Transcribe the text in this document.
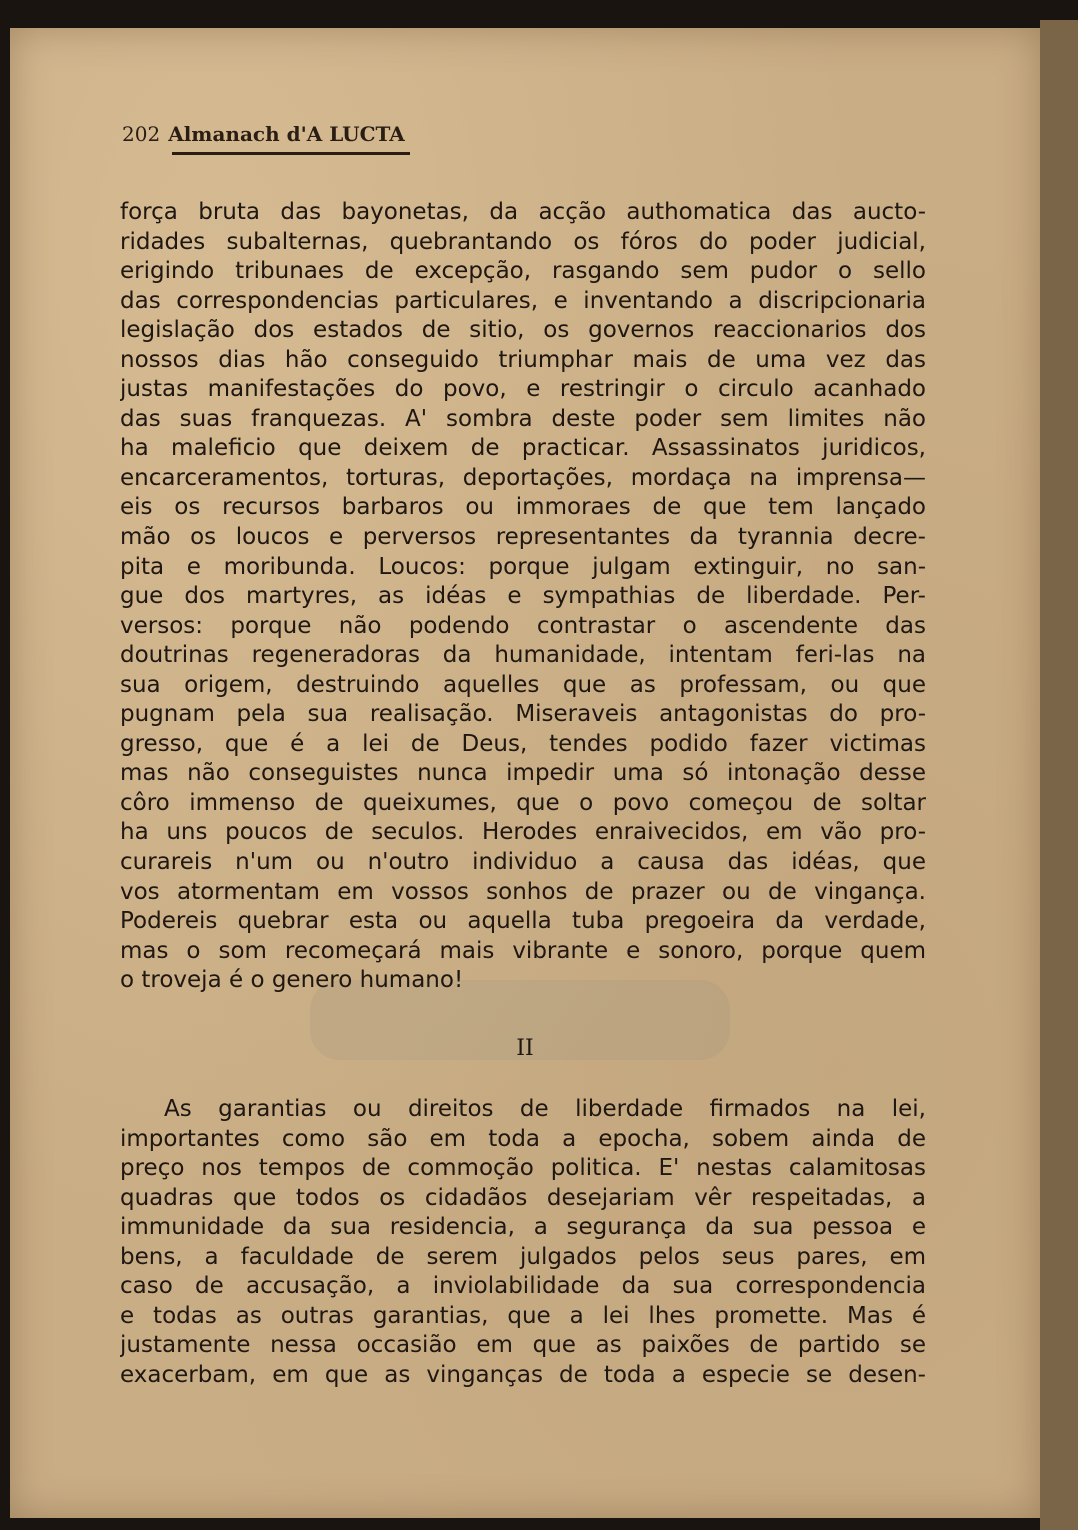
202 Almanach d'A LUCTA
força bruta das bayonetas, da acção authomatica das aucto-
ridades subalternas, quebrantando os fóros do poder judicial,
erigindo tribunaes de excepção, rasgando sem pudor o sello
das correspondencias particulares, e inventando a discripcionaria
legislação dos estados de sitio, os governos reaccionarios dos
nossos dias hão conseguido triumphar mais de uma vez das
justas manifestações do povo, e restringir o circulo acanhado
das suas franquezas. A' sombra deste poder sem limites não
ha maleficio que deixem de practicar. Assassinatos juridicos,
encarceramentos, torturas, deportações, mordaça na imprensa—
eis os recursos barbaros ou immoraes de que tem lançado
mão os loucos e perversos representantes da tyrannia decre-
pita e moribunda. Loucos: porque julgam extinguir, no san-
gue dos martyres, as idéas e sympathias de liberdade. Per-
versos: porque não podendo contrastar o ascendente das
doutrinas regeneradoras da humanidade, intentam feri-las na
sua origem, destruindo aquelles que as professam, ou que
pugnam pela sua realisação. Miseraveis antagonistas do pro-
gresso, que é a lei de Deus, tendes podido fazer victimas
mas não conseguistes nunca impedir uma só intonação desse
côro immenso de queixumes, que o povo começou de soltar
ha uns poucos de seculos. Herodes enraivecidos, em vão pro-
curareis n'um ou n'outro individuo a causa das idéas, que
vos atormentam em vossos sonhos de prazer ou de vingança.
Podereis quebrar esta ou aquella tuba pregoeira da verdade,
mas o som recomeçará mais vibrante e sonoro, porque quem
o troveja é o genero humano!
II
As garantias ou direitos de liberdade firmados na lei,
importantes como são em toda a epocha, sobem ainda de
preço nos tempos de commoção politica. E' nestas calamitosas
quadras que todos os cidadãos desejariam vêr respeitadas, a
immunidade da sua residencia, a segurança da sua pessoa e
bens, a faculdade de serem julgados pelos seus pares, em
caso de accusação, a inviolabilidade da sua correspondencia
e todas as outras garantias, que a lei lhes promette. Mas é
justamente nessa occasião em que as paixões de partido se
exacerbam, em que as vinganças de toda a especie se desen-
